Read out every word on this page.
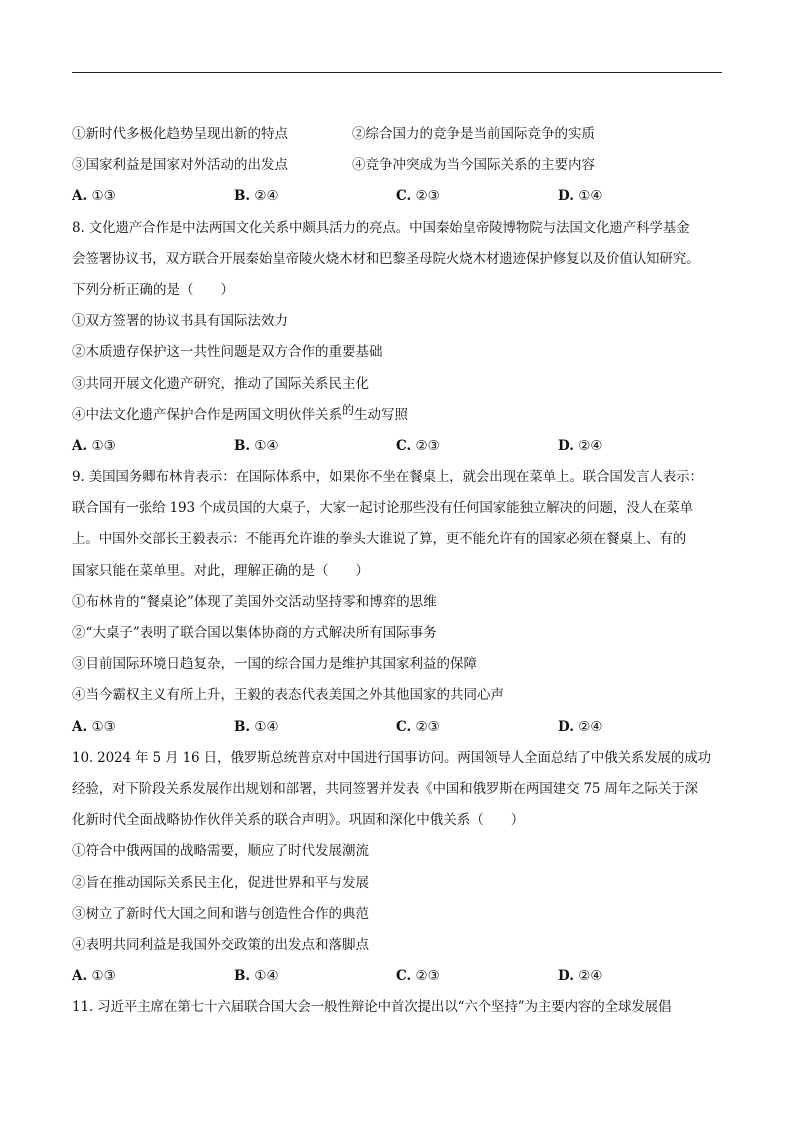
①新时代多极化趋势呈现出新的特点	②综合国力的竞争是当前国际竞争的实质
③国家利益是国家对外活动的出发点	④竞争冲突成为当今国际关系的主要内容
A. ①③	B. ②④	C. ②③	D. ①④
8. 文化遗产合作是中法两国文化关系中颇具活力的亮点。中国秦始皇帝陵博物院与法国文化遗产科学基金
会签署协议书，双方联合开展秦始皇帝陵火烧木材和巴黎圣母院火烧木材遗迹保护修复以及价值认知研究。
下列分析正确的是（　　）
①双方签署的协议书具有国际法效力
②木质遗存保护这一共性问题是双方合作的重要基础
③共同开展文化遗产研究，推动了国际关系民主化
④中法文化遗产保护合作是两国文明伙伴关系的生动写照
A. ①③	B. ①④	C. ②③	D. ②④
9. 美国国务卿布林肯表示：在国际体系中，如果你不坐在餐桌上，就会出现在菜单上。联合国发言人表示：
联合国有一张给 193 个成员国的大桌子，大家一起讨论那些没有任何国家能独立解决的问题，没人在菜单
上。中国外交部长王毅表示：不能再允许谁的拳头大谁说了算，更不能允许有的国家必须在餐桌上、有的
国家只能在菜单里。对此，理解正确的是（　　）
①布林肯的“餐桌论”体现了美国外交活动坚持零和博弈的思维
②“大桌子”表明了联合国以集体协商的方式解决所有国际事务
③目前国际环境日趋复杂，一国的综合国力是维护其国家利益的保障
④当今霸权主义有所上升，王毅的表态代表美国之外其他国家的共同心声
A. ①③	B. ①④	C. ②③	D. ②④
10. 2024 年 5 月 16 日，俄罗斯总统普京对中国进行国事访问。两国领导人全面总结了中俄关系发展的成功
经验，对下阶段关系发展作出规划和部署，共同签署并发表《中国和俄罗斯在两国建交 75 周年之际关于深
化新时代全面战略协作伙伴关系的联合声明》。巩固和深化中俄关系（　　）
①符合中俄两国的战略需要，顺应了时代发展潮流
②旨在推动国际关系民主化，促进世界和平与发展
③树立了新时代大国之间和谐与创造性合作的典范
④表明共同利益是我国外交政策的出发点和落脚点
A. ①③	B. ①④	C. ②③	D. ②④
11. 习近平主席在第七十六届联合国大会一般性辩论中首次提出以“六个坚持”为主要内容的全球发展倡
